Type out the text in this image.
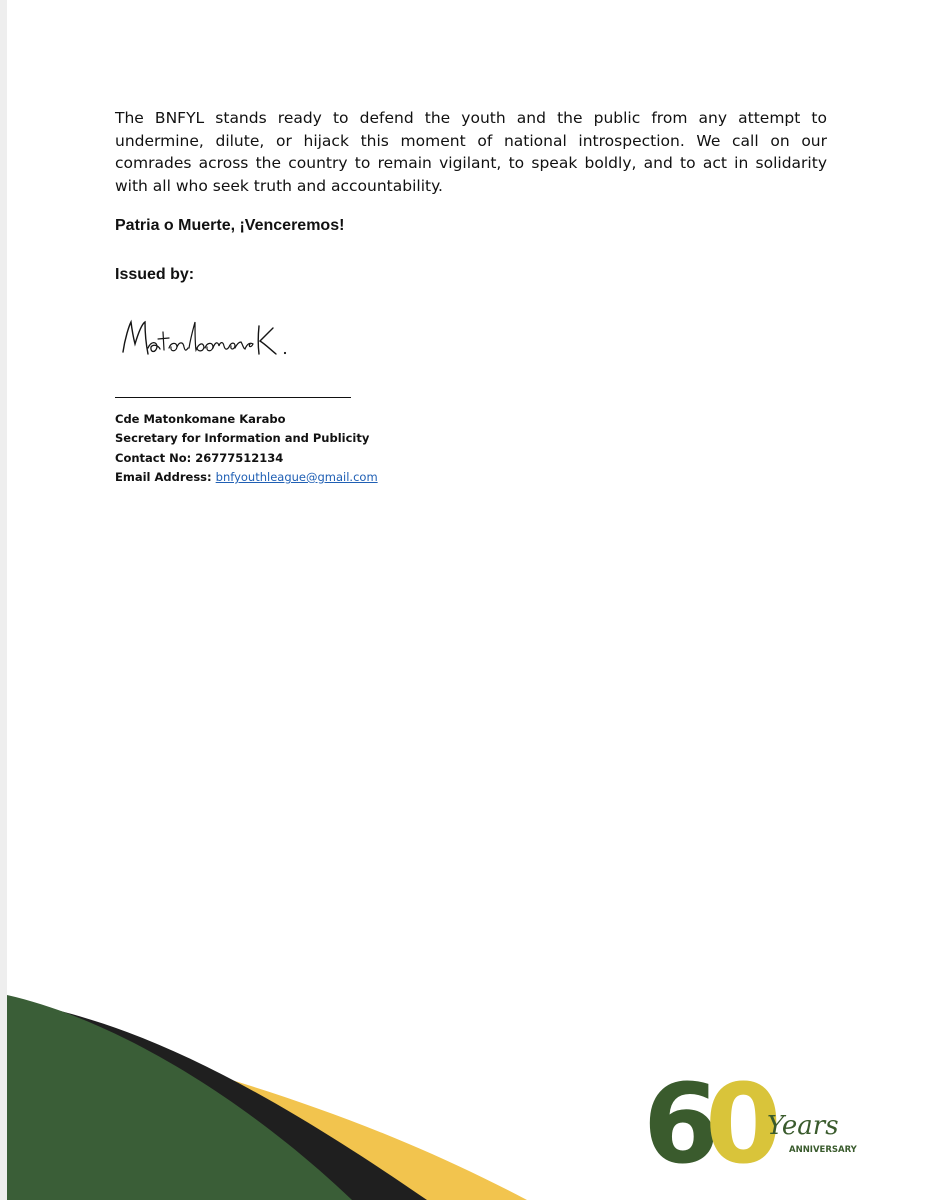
The BNFYL stands ready to defend the youth and the public from any attempt to undermine, dilute, or hijack this moment of national introspection. We call on our comrades across the country to remain vigilant, to speak boldly, and to act in solidarity with all who seek truth and accountability.

Patria o Muerte, ¡Venceremos!

Issued by:

Cde Matonkomane Karabo
Secretary for Information and Publicity
Contact No: 26777512134
Email Address: bnfyouthleague@gmail.com
6
0
Years
ANNIVERSARY
